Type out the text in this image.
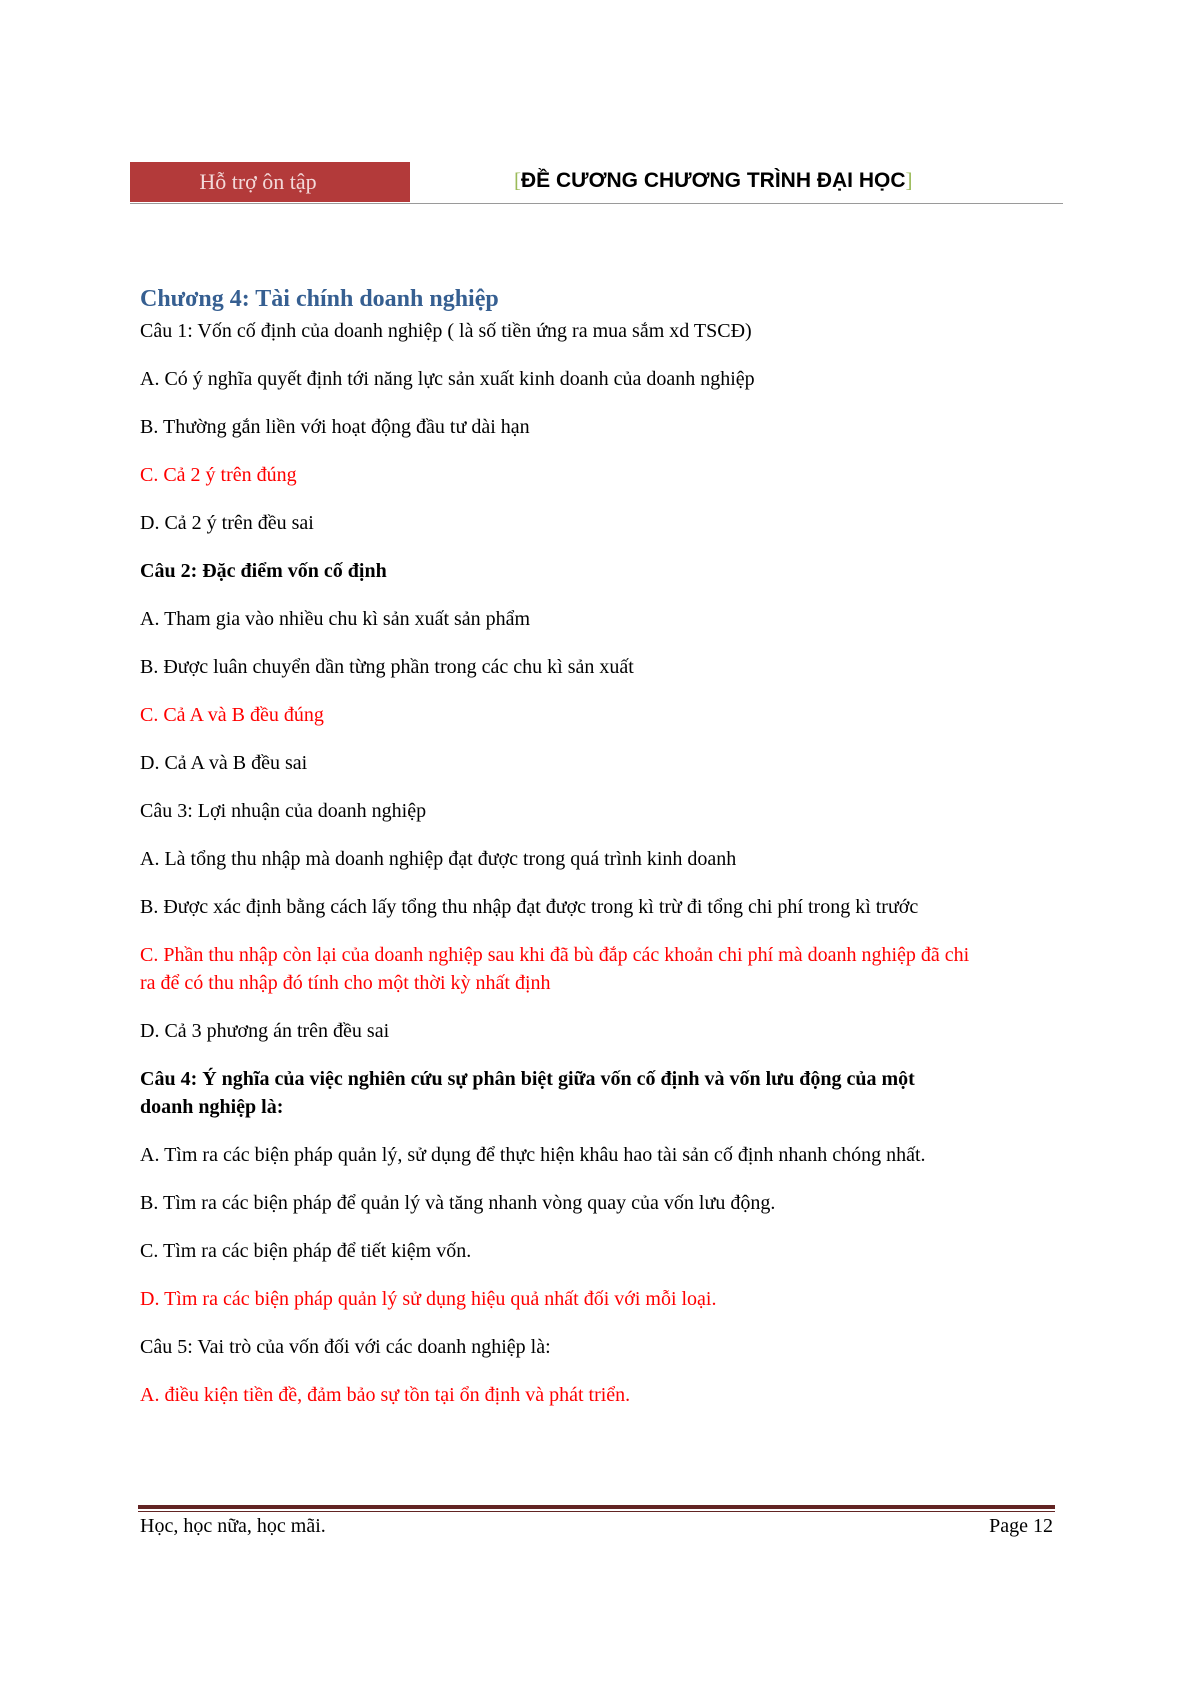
Hỗ trợ ôn tập	[ĐỀ CƯƠNG CHƯƠNG TRÌNH ĐẠI HỌC]
Chương 4: Tài chính doanh nghiệp

Câu 1: Vốn cố định của doanh nghiệp ( là số tiền ứng ra mua sắm xd TSCĐ)

A. Có ý nghĩa quyết định tới năng lực sản xuất kinh doanh của doanh nghiệp

B. Thường gắn liền với hoạt động đầu tư dài hạn

C. Cả 2 ý trên đúng

D. Cả 2 ý trên đều sai

Câu 2: Đặc điểm vốn cố định

A. Tham gia vào nhiều chu kì sản xuất sản phẩm

B. Được luân chuyển dần từng phần trong các chu kì sản xuất

C. Cả A và B đều đúng

D. Cả A và B đều sai

Câu 3: Lợi nhuận của doanh nghiệp

A. Là tổng thu nhập mà doanh nghiệp đạt được trong quá trình kinh doanh

B. Được xác định bằng cách lấy tổng thu nhập đạt được trong kì trừ đi tổng chi phí trong kì trước

C. Phần thu nhập còn lại của doanh nghiệp sau khi đã bù đắp các khoản chi phí mà doanh nghiệp đã chi ra để có thu nhập đó tính cho một thời kỳ nhất định

D. Cả 3 phương án trên đều sai

Câu 4: Ý nghĩa của việc nghiên cứu sự phân biệt giữa vốn cố định và vốn lưu động của một doanh nghiệp là:

A. Tìm ra các biện pháp quản lý, sử dụng để thực hiện khâu hao tài sản cố định nhanh chóng nhất.

B. Tìm ra các biện pháp để quản lý và tăng nhanh vòng quay của vốn lưu động.

C. Tìm ra các biện pháp để tiết kiệm vốn.

D. Tìm ra các biện pháp quản lý sử dụng hiệu quả nhất đối với mỗi loại.

Câu 5: Vai trò của vốn đối với các doanh nghiệp là:

A. điều kiện tiền đề, đảm bảo sự tồn tại ổn định và phát triển.

Học, học nữa, học mãi.	Page 12
